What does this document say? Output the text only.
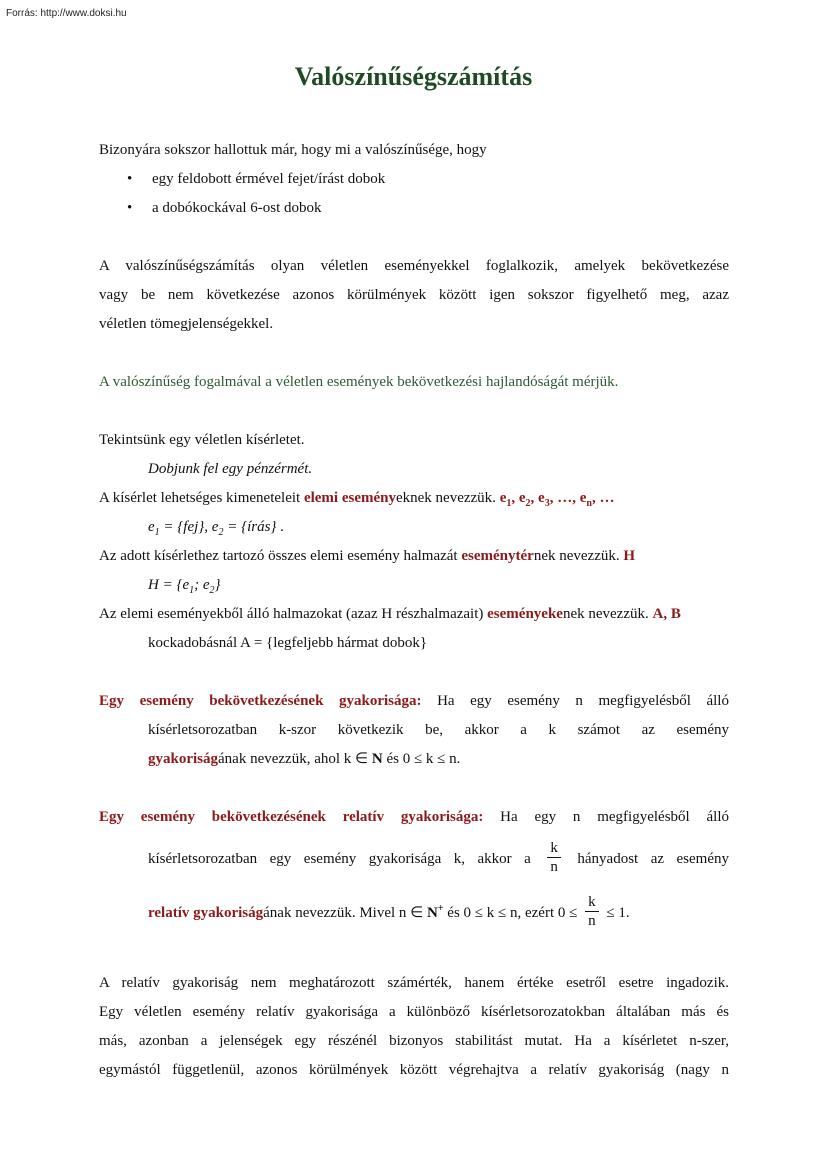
Forrás: http://www.doksi.hu
Valószínűségszámítás

Bizonyára sokszor hallottuk már, hogy mi a valószínűsége, hogy

• egy feldobott érmével fejet/írást dobok
• a dobókockával 6-ost dobok

A valószínűségszámítás olyan véletlen eseményekkel foglalkozik, amelyek bekövetkezése

vagy be nem következése azonos körülmények között igen sokszor figyelhető meg, azaz

véletlen tömegjelenségekkel.

A valószínűség fogalmával a véletlen események bekövetkezési hajlandóságát mérjük.

Tekintsünk egy véletlen kísérletet.

Dobjunk fel egy pénzérmét.

A kísérlet lehetséges kimeneteleit elemi eseményeknek nevezzük. $e_1$, $e_2$, $e_3$, …, $e_n$, …

$e_1 = \{fej\}$, $e_2$ = {írás} .

Az adott kísérlethez tartozó összes elemi esemény halmazát eseménytérnek nevezzük. H

$H = \{e_1$; $e_2$}

Az elemi eseményekből álló halmazokat (azaz H részhalmazait) eseményekenek nevezzük. A, B

kockadobásnál A = {legfeljebb hármat dobok}

Egy esemény bekövetkezésének gyakorisága: Ha egy esemény n megfigyelésből álló

kísérletsorozatban k-szor következik be, akkor a k számot az esemény

gyakoriságának nevezzük, ahol k ∈ N és 0 ≤ k ≤ n.

Egy esemény bekövetkezésének relatív gyakorisága: Ha egy n megfigyelésből álló

kísérletsorozatban egy esemény gyakorisága k, akkor a $\frac{k}{n}$ hányadost az esemény

relatív gyakoriságának nevezzük. Mivel n ∈ N+ és 0 ≤ k ≤ n, ezért $0 \le \frac{k}{n} \le 1$.

A relatív gyakoriság nem meghatározott számérték, hanem értéke esetről esetre ingadozik.

Egy véletlen esemény relatív gyakorisága a különböző kísérletsorozatokban általában más és

más, azonban a jelenségek egy részénél bizonyos stabilitást mutat. Ha a kísérletet n-szer,

egymástól függetlenül, azonos körülmények között végrehajtva a relatív gyakoriság (nagy n
